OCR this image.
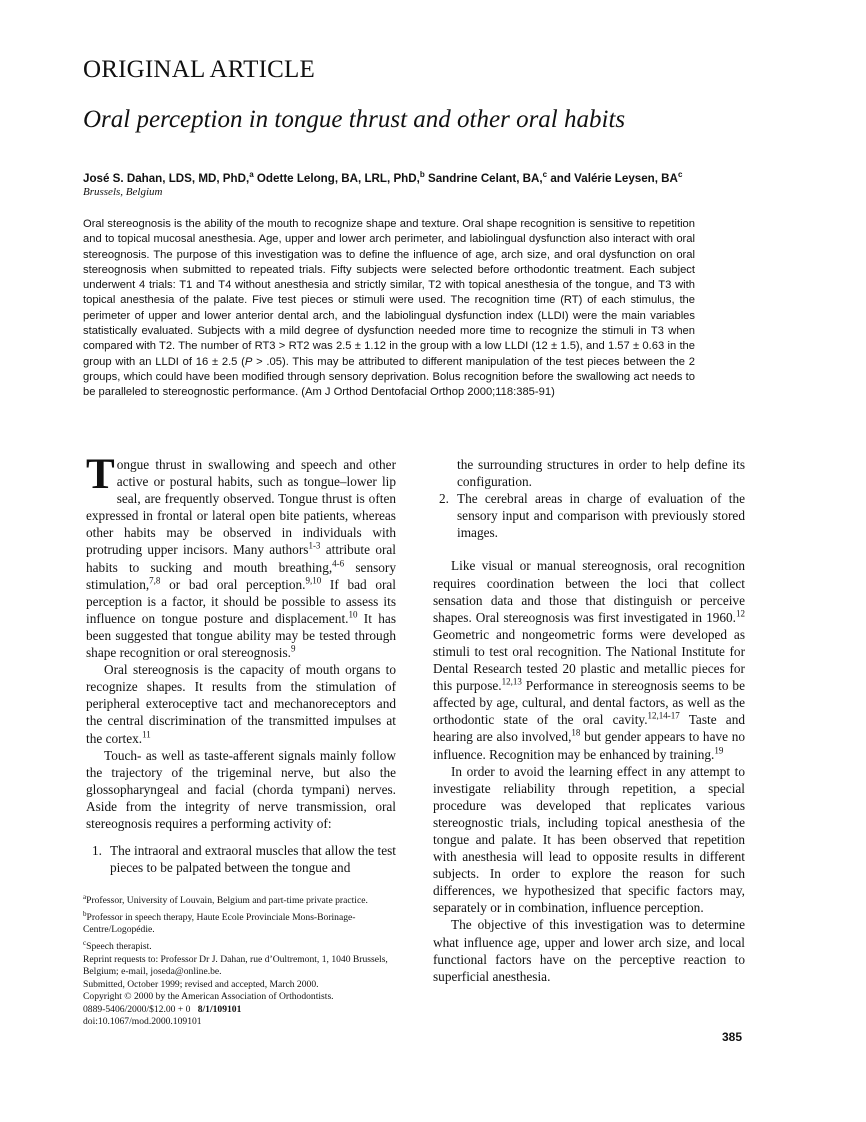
ORIGINAL ARTICLE
Oral perception in tongue thrust and other oral habits
José S. Dahan, LDS, MD, PhD,$^a$ Odette Lelong, BA, LRL, PhD,$^b$ Sandrine Celant, BA,$^c$ and Valérie Leysen, $BA^c$
Brussels, Belgium

Oral stereognosis is the ability of the mouth to recognize shape and texture. Oral shape recognition is sensitive to repetition and to topical mucosal anesthesia. Age, upper and lower arch perimeter, and labiolingual dysfunction also interact with oral stereognosis. The purpose of this investigation was to define the influence of age, arch size, and oral dysfunction on oral stereognosis when submitted to repeated trials. Fifty subjects were selected before orthodontic treatment. Each subject underwent 4 trials: T1 and T4 without anesthesia and strictly similar, T2 with topical anesthesia of the tongue, and T3 with topical anesthesia of the palate. Five test pieces or stimuli were used. The recognition time (RT) of each stimulus, the perimeter of upper and lower anterior dental arch, and the labiolingual dysfunction index (LLDI) were the main variables statistically evaluated. Subjects with a mild degree of dysfunction needed more time to recognize the stimuli in T3 when compared with T2. The number of RT3 > RT2 was 2.5 ± 1.12 in the group with a low LLDI (12 ± 1.5), and 1.57 ± 0.63 in the group with an LLDI of 16 ± 2.5 (P > .05). This may be attributed to different manipulation of the test pieces between the 2 groups, which could have been modified through sensory deprivation. Bolus recognition before the swallowing act needs to be paralleled to stereognostic performance. (Am J Orthod Dentofacial Orthop 2000;118:385-91)

Tongue thrust in swallowing and speech and other active or postural habits, such as tongue–lower lip seal, are frequently observed. Tongue thrust is often expressed in frontal or lateral open bite patients, whereas other habits may be observed in individuals with protruding upper incisors. Many authors$^{1-3}$ attribute oral habits to sucking and mouth breathing,$^{4-6}$ sensory stimulation,$^{7,8}$ or bad oral perception.$^{9,10}$ If bad oral perception is a factor, it should be possible to assess its influence on tongue posture and displacement.$^{10}$ It has been suggested that tongue ability may be tested through shape recognition or oral stereognosis.$^9$

Oral stereognosis is the capacity of mouth organs to recognize shapes. It results from the stimulation of peripheral exteroceptive tact and mechanoreceptors and the central discrimination of the transmitted impulses at the cortex.$^{11}$

Touch- as well as taste-afferent signals mainly follow the trajectory of the trigeminal nerve, but also the glossopharyngeal and facial (chorda tympani) nerves. Aside from the integrity of nerve transmission, oral stereognosis requires a performing activity of:

1. The intraoral and extraoral muscles that allow the test pieces to be palpated between the tongue and

the surrounding structures in order to help define its configuration.

2. The cerebral areas in charge of evaluation of the sensory input and comparison with previously stored images.

Like visual or manual stereognosis, oral recognition requires coordination between the loci that collect sensation data and those that distinguish or perceive shapes. Oral stereognosis was first investigated in 1960.12 Geometric and nongeometric forms were developed as stimuli to test oral recognition. The National Institute for Dental Research tested 20 plastic and metallic pieces for this purpose.$^{12,13}$ Performance in stereognosis seems to be affected by age, cultural, and dental factors, as well as the orthodontic state of the oral cavity.$^{12,14-17}$ Taste and hearing are also involved,$^{18}$ but gender appears to have no influence. Recognition may be enhanced by training.$^{19}$

In order to avoid the learning effect in any attempt to investigate reliability through repetition, a special procedure was developed that replicates various stereognostic trials, including topical anesthesia of the tongue and palate. It has been observed that repetition with anesthesia will lead to opposite results in different subjects. In order to explore the reason for such differences, we hypothesized that specific factors may, separately or in combination, influence perception.

The objective of this investigation was to determine what influence age, upper and lower arch size, and local functional factors have on the perceptive reaction to superficial anesthesia.

$^a$Professor, University of Louvain, Belgium and part-time private practice.
$^b$Professor in speech therapy, Haute Ecole Provinciale Mons-Borinage-Centre/Logopédie.
$^c$Speech therapist.
Reprint requests to: Professor Dr J. Dahan, rue d’Oultremont, 1, 1040 Brussels, Belgium; e-mail, joseda@online.be.
Submitted, October 1999; revised and accepted, March 2000.
Copyright © 2000 by the American Association of Orthodontists.
0889-5406/2000/$12.00 + 0 8/1/109101
doi:10.1067/mod.2000.109101
385
